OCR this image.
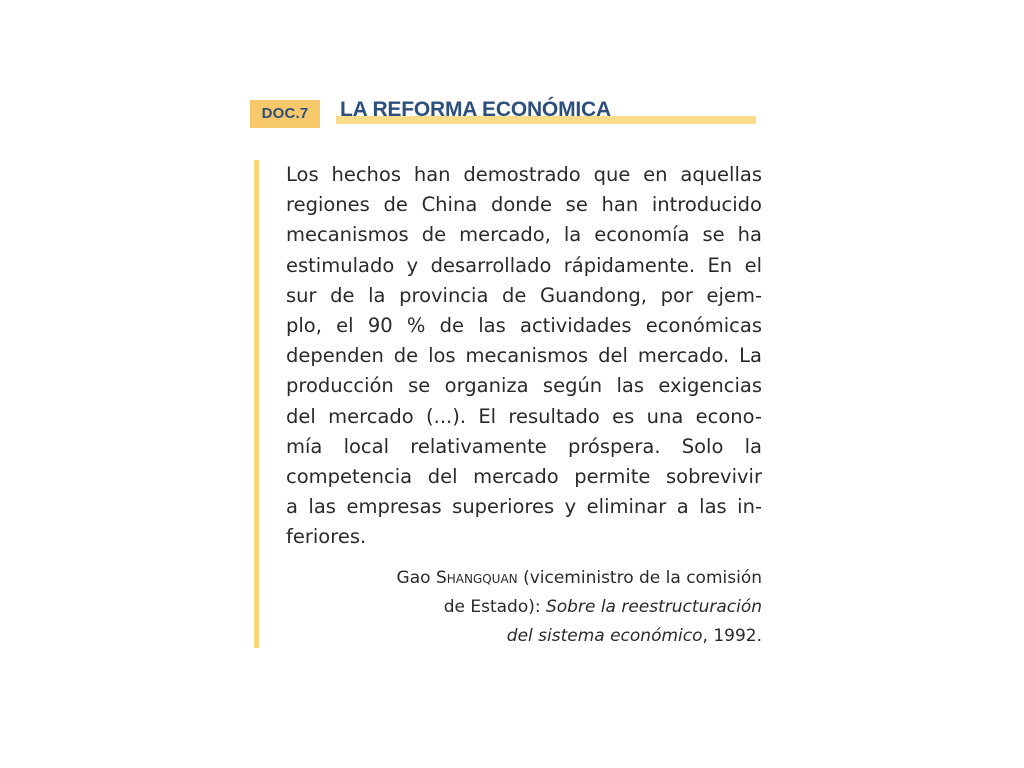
DOC.7	LA REFORMA ECONÓMICA
Los hechos han demostrado que en aquellas
regiones de China donde se han introducido
mecanismos de mercado, la economía se ha
estimulado y desarrollado rápidamente. En el
sur de la provincia de Guandong, por ejem-
plo, el 90 % de las actividades económicas
dependen de los mecanismos del mercado. La
producción se organiza según las exigencias
del mercado (...). El resultado es una econo-
mía local relativamente próspera. Solo la
competencia del mercado permite sobrevivir
a las empresas superiores y eliminar a las in-
feriores.
Gao Shangquan (viceministro de la comisión
de Estado): Sobre la reestructuración
del sistema económico, 1992.
